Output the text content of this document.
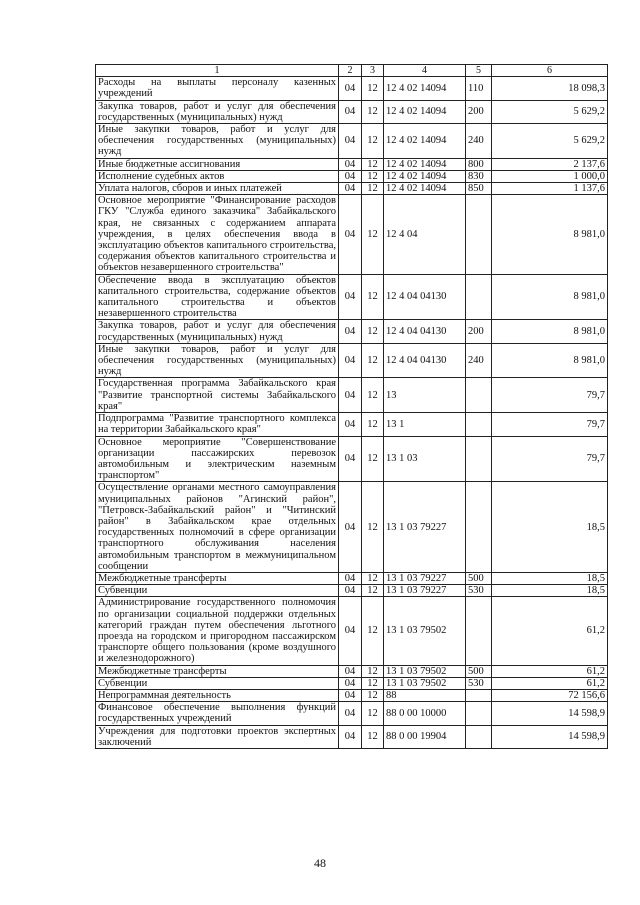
1	2	3	4	5	6
Расходы на выплаты персоналу казенных учреждений	04	12	12 4 02 14094	110	18 098,3
Закупка товаров, работ и услуг для обеспечения государственных (муниципальных) нужд	04	12	12 4 02 14094	200	5 629,2
Иные закупки товаров, работ и услуг для обеспечения государственных (муниципальных) нужд	04	12	12 4 02 14094	240	5 629,2
Иные бюджетные ассигнования	04	12	12 4 02 14094	800	2 137,6
Исполнение судебных актов	04	12	12 4 02 14094	830	1 000,0
Уплата налогов, сборов и иных платежей	04	12	12 4 02 14094	850	1 137,6
Основное мероприятие "Финансирование расходов ГКУ "Служба единого заказчика" Забайкальского края, не связанных с содержанием аппарата учреждения, в целях обеспечения ввода в эксплуатацию объектов капитального строительства, содержания объектов капитального строительства и объектов незавершенного строительства"	04	12	12 4 04		8 981,0
Обеспечение ввода в эксплуатацию объектов капитального строительства, содержание объектов капитального строительства и объектов незавершенного строительства	04	12	12 4 04 04130		8 981,0
Закупка товаров, работ и услуг для обеспечения государственных (муниципальных) нужд	04	12	12 4 04 04130	200	8 981,0
Иные закупки товаров, работ и услуг для обеспечения государственных (муниципальных) нужд	04	12	12 4 04 04130	240	8 981,0
Государственная программа Забайкальского края "Развитие транспортной системы Забайкальского края"	04	12	13		79,7
Подпрограмма "Развитие транспортного комплекса на территории Забайкальского края"	04	12	13 1		79,7
Основное мероприятие "Совершенствование организации пассажирских перевозок автомобильным и электрическим наземным транспортом"	04	12	13 1 03		79,7
Осуществление органами местного самоуправления муниципальных районов "Агинский район", "Петровск-Забайкальский район" и "Читинский район" в Забайкальском крае отдельных государственных полномочий в сфере организации транспортного обслуживания населения автомобильным транспортом в межмуниципальном сообщении	04	12	13 1 03 79227		18,5
Межбюджетные трансферты	04	12	13 1 03 79227	500	18,5
Субвенции	04	12	13 1 03 79227	530	18,5
Администрирование государственного полномочия по организации социальной поддержки отдельных категорий граждан путем обеспечения льготного проезда на городском и пригородном пассажирском транспорте общего пользования (кроме воздушного и железнодорожного)	04	12	13 1 03 79502		61,2
Межбюджетные трансферты	04	12	13 1 03 79502	500	61,2
Субвенции	04	12	13 1 03 79502	530	61,2
Непрограммная деятельность	04	12	88		72 156,6
Финансовое обеспечение выполнения функций государственных учреждений	04	12	88 0 00 10000		14 598,9
Учреждения для подготовки проектов экспертных заключений	04	12	88 0 00 19904		14 598,9
48
